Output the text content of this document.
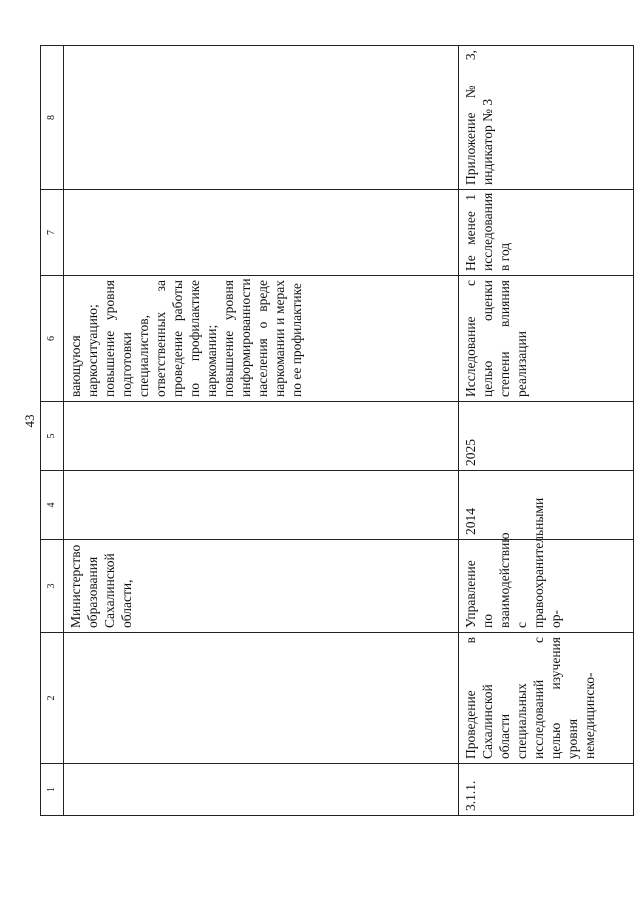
43
1	2	3	4	5	6	7	8
		Министерство образования Сахалинской области,			вающуюся наркоситуацию; повышение уровня подготовки специалистов, ответственных за проведение работы по профилактике наркомании; повышение уровня информированности населения о вреде наркомании и мерах по ее профилактике		
3.1.1.	Проведение в Сахалинской области специальных исследований с целью изучения уровня немедицинско-	Управление по взаимодействию с правоохранительными ор-	2014	2025	Исследование с целью оценки степени влияния реализации	Не менее 1 исследования в год	Приложение № 3, индикатор № 3
